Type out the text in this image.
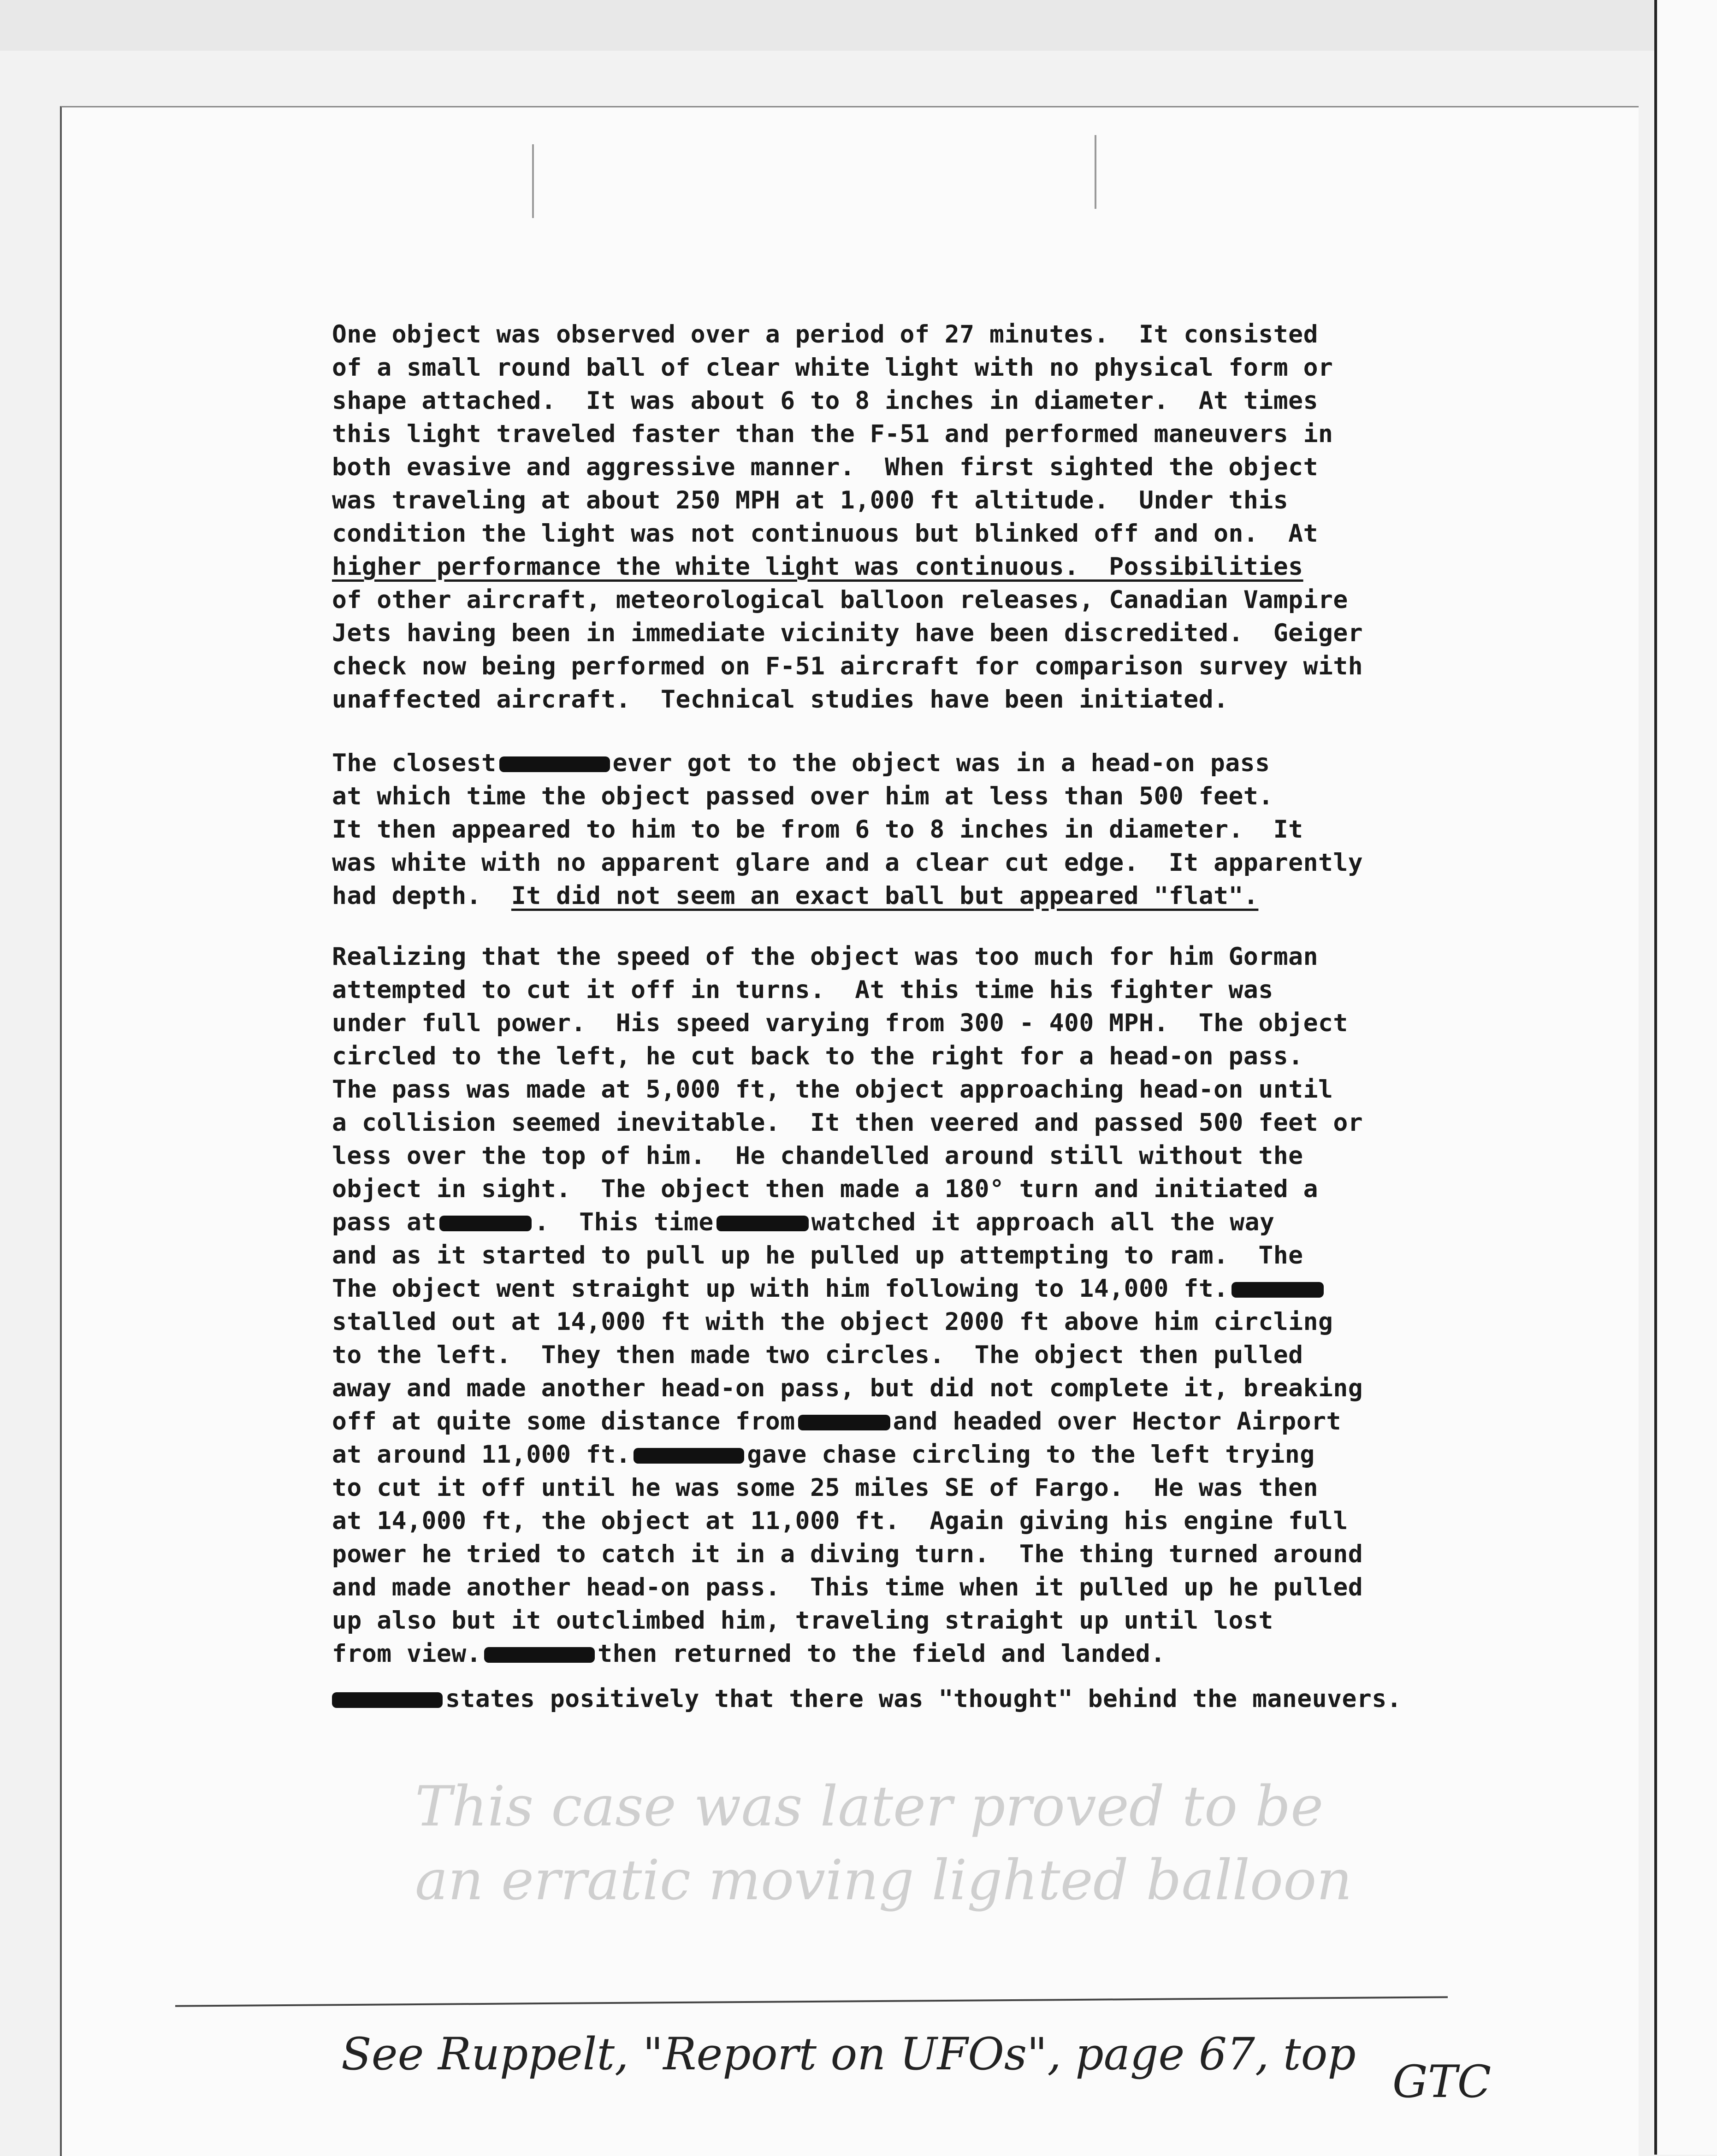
One object was observed over a period of 27 minutes.  It consisted
of a small round ball of clear white light with no physical form or
shape attached.  It was about 6 to 8 inches in diameter.  At times
this light traveled faster than the F-51 and performed maneuvers in
both evasive and aggressive manner.  When first sighted the object
was traveling at about 250 MPH at 1,000 ft altitude.  Under this
condition the light was not continuous but blinked off and on.  At
higher performance the white light was continuous.  Possibilities
of other aircraft, meteorological balloon releases, Canadian Vampire
Jets having been in immediate vicinity have been discredited.  Geiger
check now being performed on F-51 aircraft for comparison survey with
unaffected aircraft.  Technical studies have been initiated.

The closest	ever got to the object was in a head-on pass
at which time the object passed over him at less than 500 feet.
It then appeared to him to be from 6 to 8 inches in diameter.  It
was white with no apparent glare and a clear cut edge.  It apparently
had depth. It did not seem an exact ball but appeared "flat".

Realizing that the speed of the object was too much for him Gorman
attempted to cut it off in turns.  At this time his fighter was
under full power.  His speed varying from 300 - 400 MPH.  The object
circled to the left, he cut back to the right for a head-on pass.
The pass was made at 5,000 ft, the object approaching head-on until
a collision seemed inevitable.  It then veered and passed 500 feet or
less over the top of him.  He chandelled around still without the
object in sight.  The object then made a 180° turn and initiated a
pass at	.  This time	watched it approach all the way
and as it started to pull up he pulled up attempting to ram.  The
The object went straight up with him following to 14,000 ft.
stalled out at 14,000 ft with the object 2000 ft above him circling
to the left.  They then made two circles.  The object then pulled
away and made another head-on pass, but did not complete it, breaking
off at quite some distance from	and headed over Hector Airport
at around 11,000 ft.	gave chase circling to the left trying
to cut it off until he was some 25 miles SE of Fargo.  He was then
at 14,000 ft, the object at 11,000 ft.  Again giving his engine full
power he tried to catch it in a diving turn.  The thing turned around
and made another head-on pass.  This time when it pulled up he pulled
up also but it outclimbed him, traveling straight up until lost
from view.	then returned to the field and landed.

states positively that there was "thought" behind the maneuvers.

This case was later proved to be
an erratic moving lighted balloon
See Ruppelt, "Report on UFOs", page 67, top
GTC
